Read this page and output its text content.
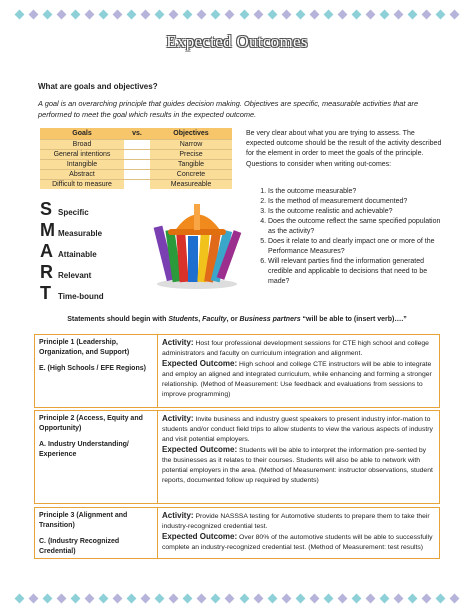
Expected Outcomes
What are goals and objectives?
A goal is an overarching principle that guides decision making. Objectives are specific, measurable activities that are performed to meet the goal which results in the expected outcome.
Goals	vs.	Objectives
Broad		Narrow
General intentions		Precise
Intangible		Tangible
Abstract		Concrete
Difficult to measure		Measureable
Be very clear about what you are trying to assess. The expected outcome should be the result of the activity described for the element in order to meet the goals of the principle. Questions to consider when writing out-comes:
1. Is the outcome measurable?
2. Is the method of measurement documented?
3. Is the outcome realistic and achievable?
4. Does the outcome reflect the same specified population as the activity?
5. Does it relate to and clearly impact one or more of the Performance Measures?
6. Will relevant parties find the information generated credible and applicable to decisions that need to be made?
S Specific
M Measurable
A Attainable
R Relevant
T Time-bound
Statements should begin with Students, Faculty, or Business partners “will be able to (insert verb)….”

Principle 1 (Leadership, Organization, and Support)

E. (High Schools / EFE Regions)

Activity: Host four professional development sessions for CTE high school and college administrators and faculty on curriculum integration and alignment.
Expected Outcome: High school and college CTE instructors will be able to integrate and employ an aligned and integrated curriculum, while enhancing and forming a stronger relationship. (Method of Measurement: Use feedback and evaluations from sessions to improve programming)

Principle 2 (Access, Equity and Opportunity)

A. Industry Understanding/ Experience

Activity: Invite business and industry guest speakers to present industry infor-mation to students and/or conduct field trips to allow students to view the various aspects of industry and visit potential employers.
Expected Outcome: Students will be able to interpret the information pre-sented by the businesses as it relates to their courses. Students will also be able to network with potential employers in the area. (Method of Measurement: instructor observations, student reports, documented follow up required by students)

Principle 3 (Alignment and Transition)

C. (Industry Recognized Credential)

Activity: Provide NASSSA testing for Automotive students to prepare them to take their industry-recognized credential test.
Expected Outcome: Over 80% of the automotive students will be able to successfully complete an industry-recognized credential test. (Method of Measurement: test results)
